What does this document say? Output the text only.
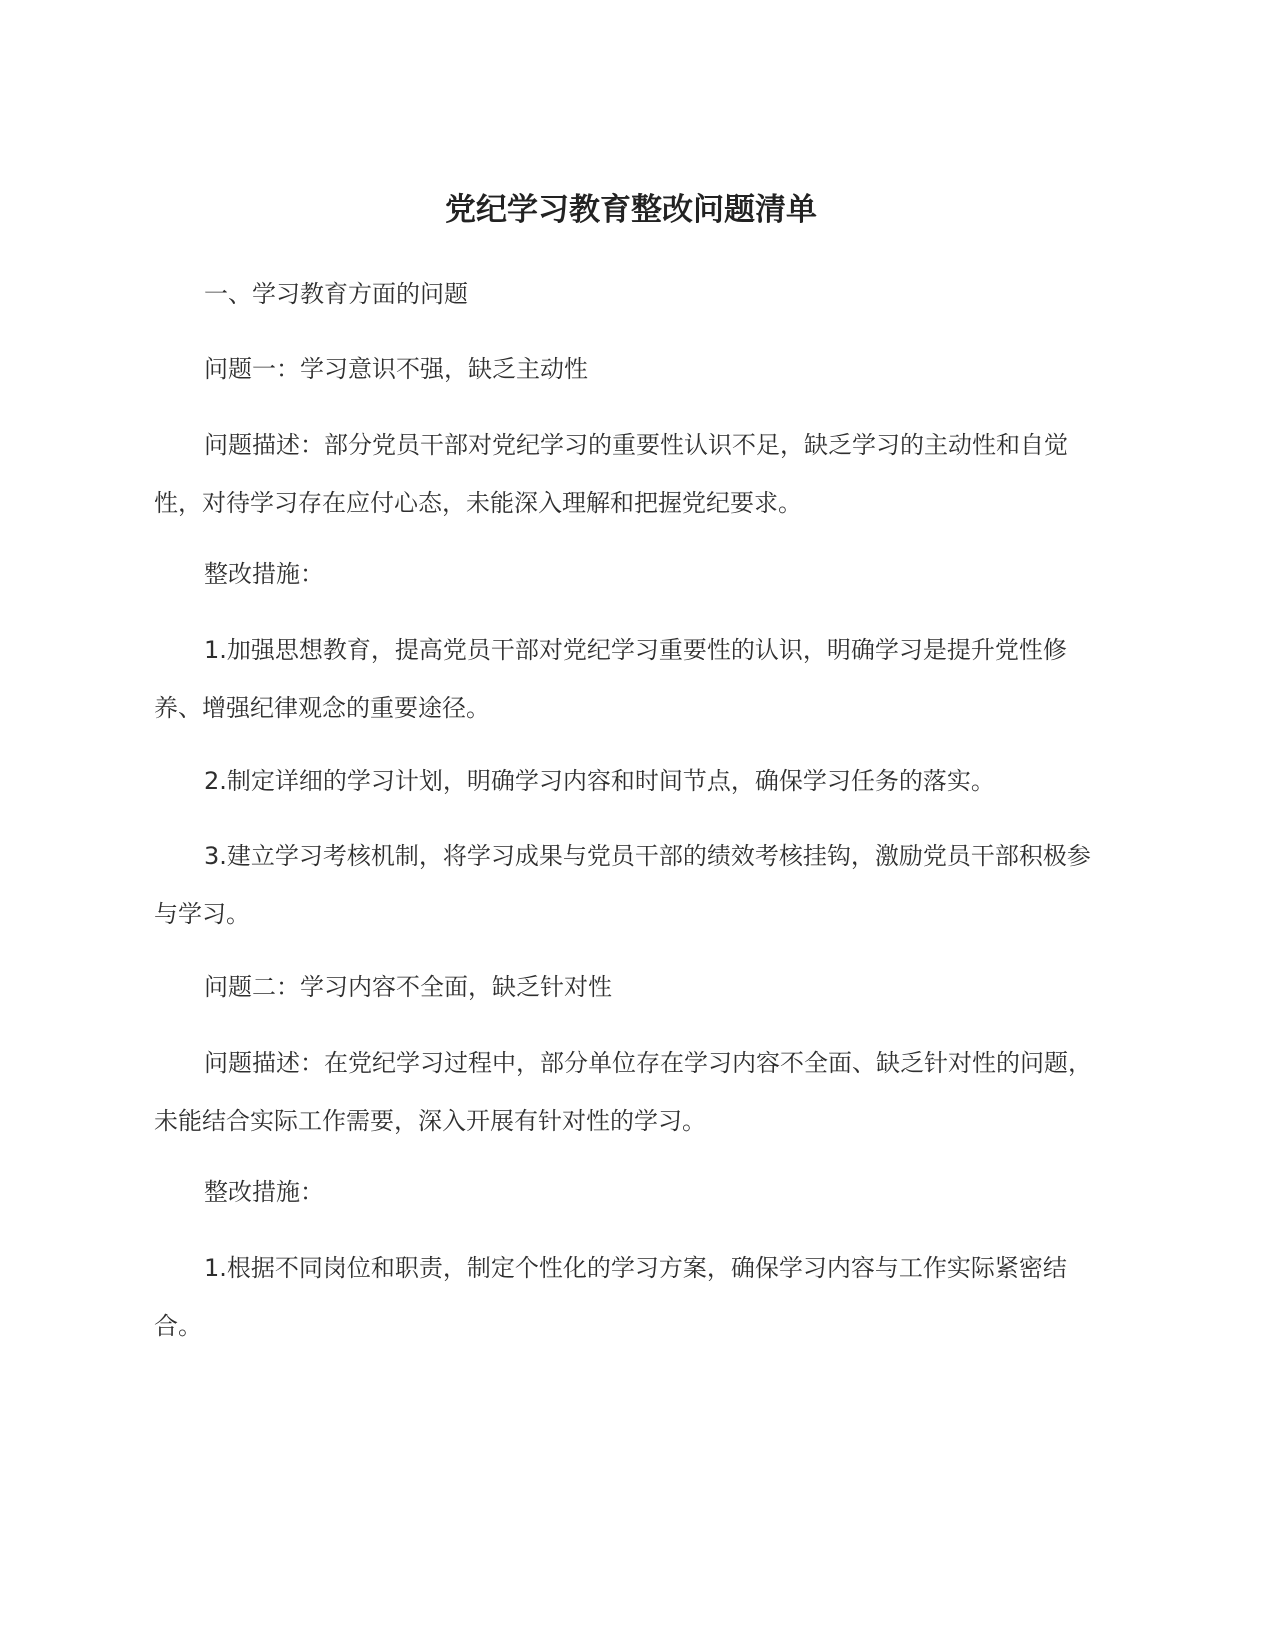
党纪学习教育整改问题清单

一、学习教育方面的问题

问题一：学习意识不强，缺乏主动性

问题描述：部分党员干部对党纪学习的重要性认识不足，缺乏学习的主动性和自觉性，对待学习存在应付心态，未能深入理解和把握党纪要求。

整改措施：

1.加强思想教育，提高党员干部对党纪学习重要性的认识，明确学习是提升党性修养、增强纪律观念的重要途径。

2.制定详细的学习计划，明确学习内容和时间节点，确保学习任务的落实。

3.建立学习考核机制，将学习成果与党员干部的绩效考核挂钩，激励党员干部积极参与学习。

问题二：学习内容不全面，缺乏针对性

问题描述：在党纪学习过程中，部分单位存在学习内容不全面、缺乏针对性的问题，未能结合实际工作需要，深入开展有针对性的学习。

整改措施：

1.根据不同岗位和职责，制定个性化的学习方案，确保学习内容与工作实际紧密结合。
